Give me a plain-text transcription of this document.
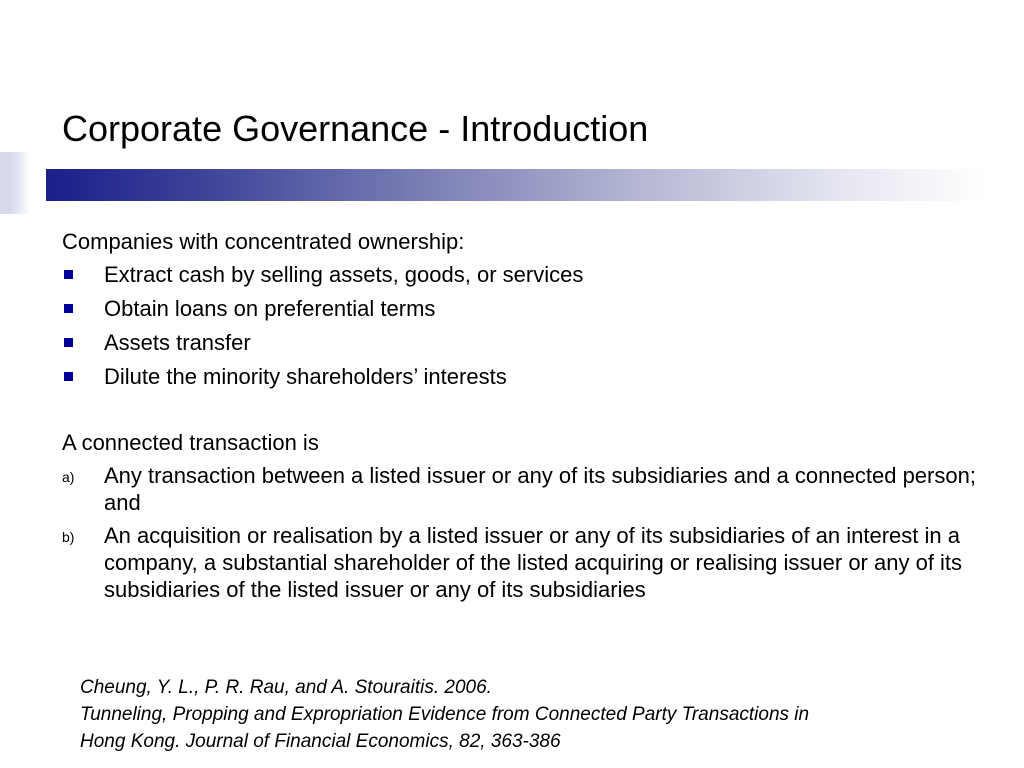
Corporate Governance - Introduction
Companies with concentrated ownership:
Extract cash by selling assets, goods, or services
Obtain loans on preferential terms
Assets transfer
Dilute the minority shareholders’ interests
A connected transaction is
a) Any transaction between a listed issuer or any of its subsidiaries and a connected person; and
b) An acquisition or realisation by a listed issuer or any of its subsidiaries of an interest in a company, a substantial shareholder of the listed acquiring or realising issuer or any of its subsidiaries of the listed issuer or any of its subsidiaries
Cheung, Y. L., P. R. Rau, and A. Stouraitis. 2006.
Tunneling, Propping and Expropriation Evidence from Connected Party Transactions in
Hong Kong. Journal of Financial Economics, 82, 363-386
